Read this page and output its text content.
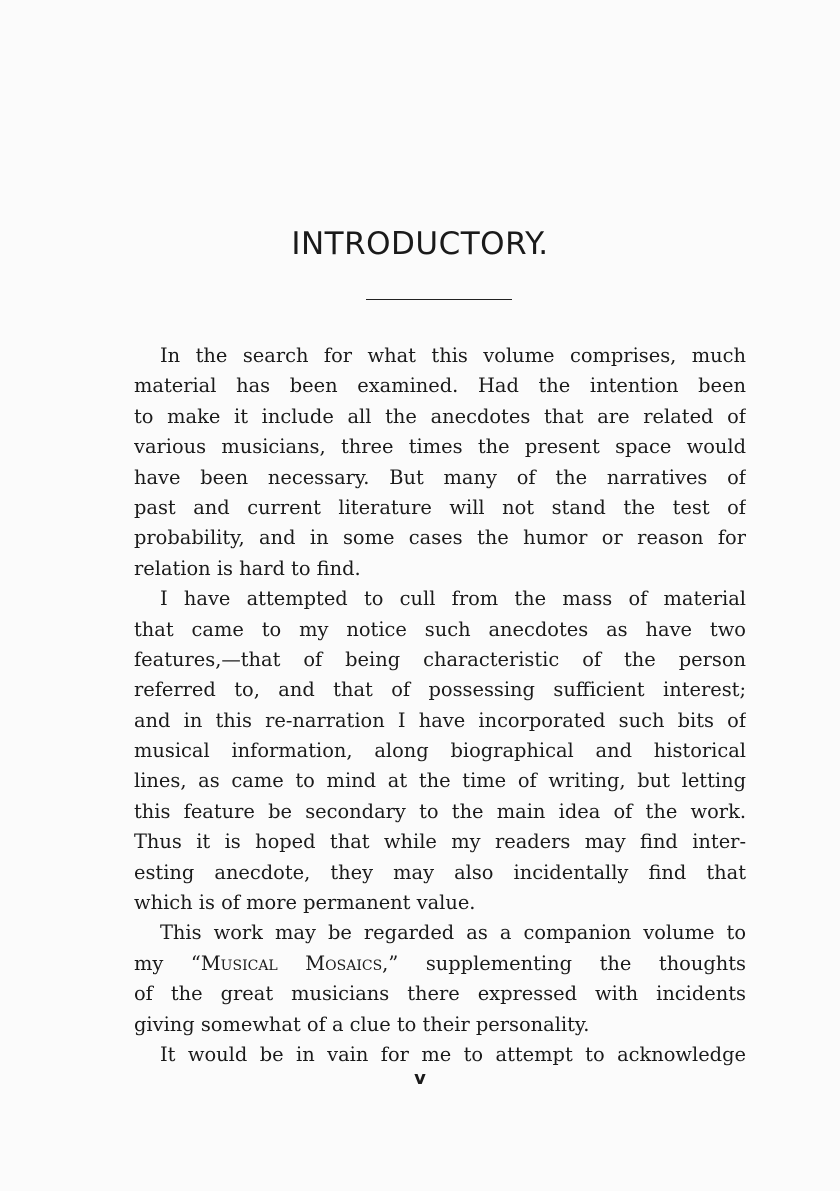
INTRODUCTORY.
In the search for what this volume comprises, much
material has been examined. Had the intention been
to make it include all the anecdotes that are related of
various musicians, three times the present space would
have been necessary. But many of the narratives of
past and current literature will not stand the test of
probability, and in some cases the humor or reason for
relation is hard to find.
I have attempted to cull from the mass of material
that came to my notice such anecdotes as have two
features,—that of being characteristic of the person
referred to, and that of possessing sufficient interest;
and in this re-narration I have incorporated such bits of
musical information, along biographical and historical
lines, as came to mind at the time of writing, but letting
this feature be secondary to the main idea of the work.
Thus it is hoped that while my readers may find inter-
esting anecdote, they may also incidentally find that
which is of more permanent value.
This work may be regarded as a companion volume to
my “Musical Mosaics,” supplementing the thoughts
of the great musicians there expressed with incidents
giving somewhat of a clue to their personality.
It would be in vain for me to attempt to acknowledge
v
